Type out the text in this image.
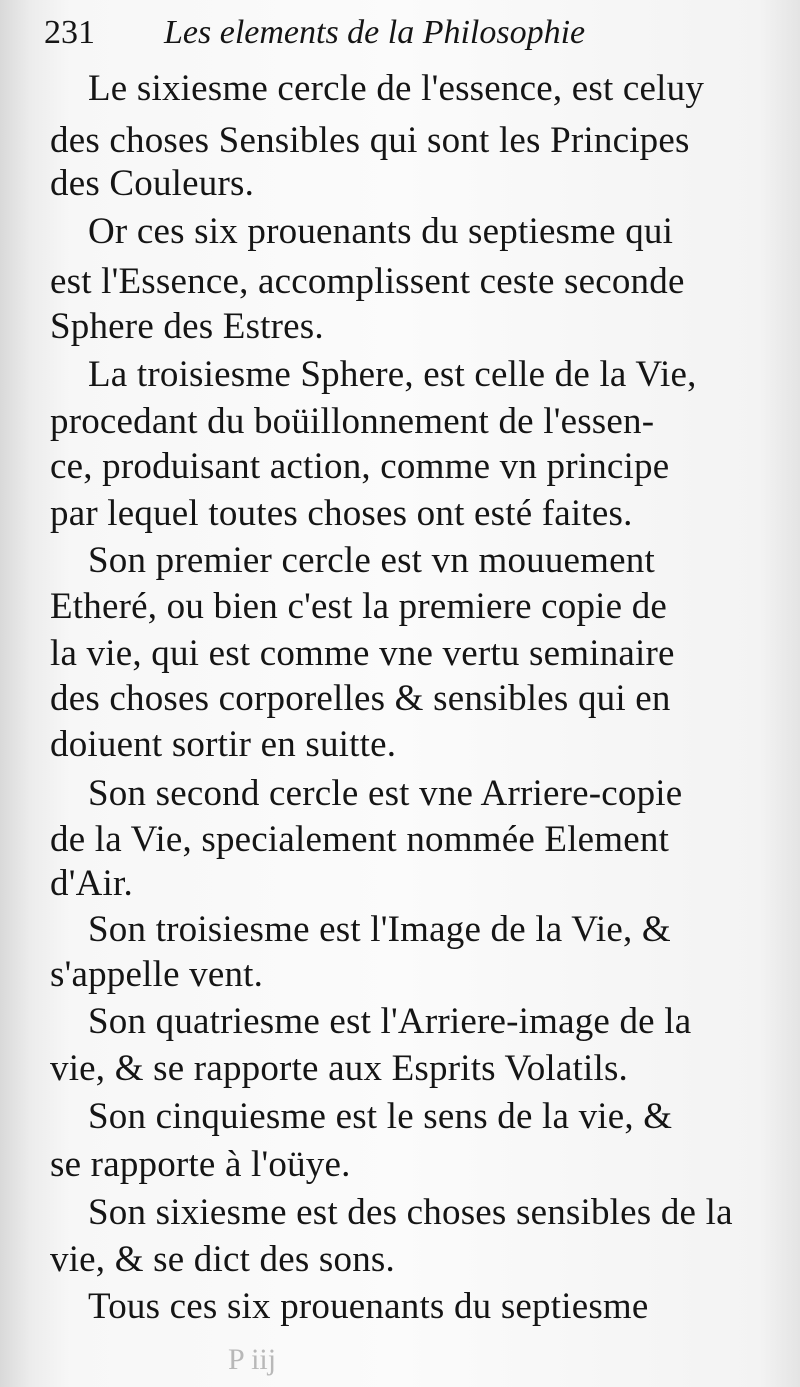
231 Les elements de la Philosophie
Le sixiesme cercle de l'essence, est celuy
des choses Sensibles qui sont les Principes
des Couleurs.
Or ces six prouenants du septiesme qui
est l'Essence, accomplissent ceste seconde
Sphere des Estres.
La troisiesme Sphere, est celle de la Vie,
procedant du boüillonnement de l'essen-
ce, produisant action, comme vn principe
par lequel toutes choses ont esté faites.
Son premier cercle est vn mouuement
Etheré, ou bien c'est la premiere copie de
la vie, qui est comme vne vertu seminaire
des choses corporelles & sensibles qui en
doiuent sortir en suitte.
Son second cercle est vne Arriere-copie
de la Vie, specialement nommée Element
d'Air.
Son troisiesme est l'Image de la Vie, &
s'appelle vent.
Son quatriesme est l'Arriere-image de la
vie, & se rapporte aux Esprits Volatils.
Son cinquiesme est le sens de la vie, &
se rapporte à l'oüye.
Son sixiesme est des choses sensibles de la
vie, & se dict des sons.
Tous ces six prouenants du septiesme
P iij
